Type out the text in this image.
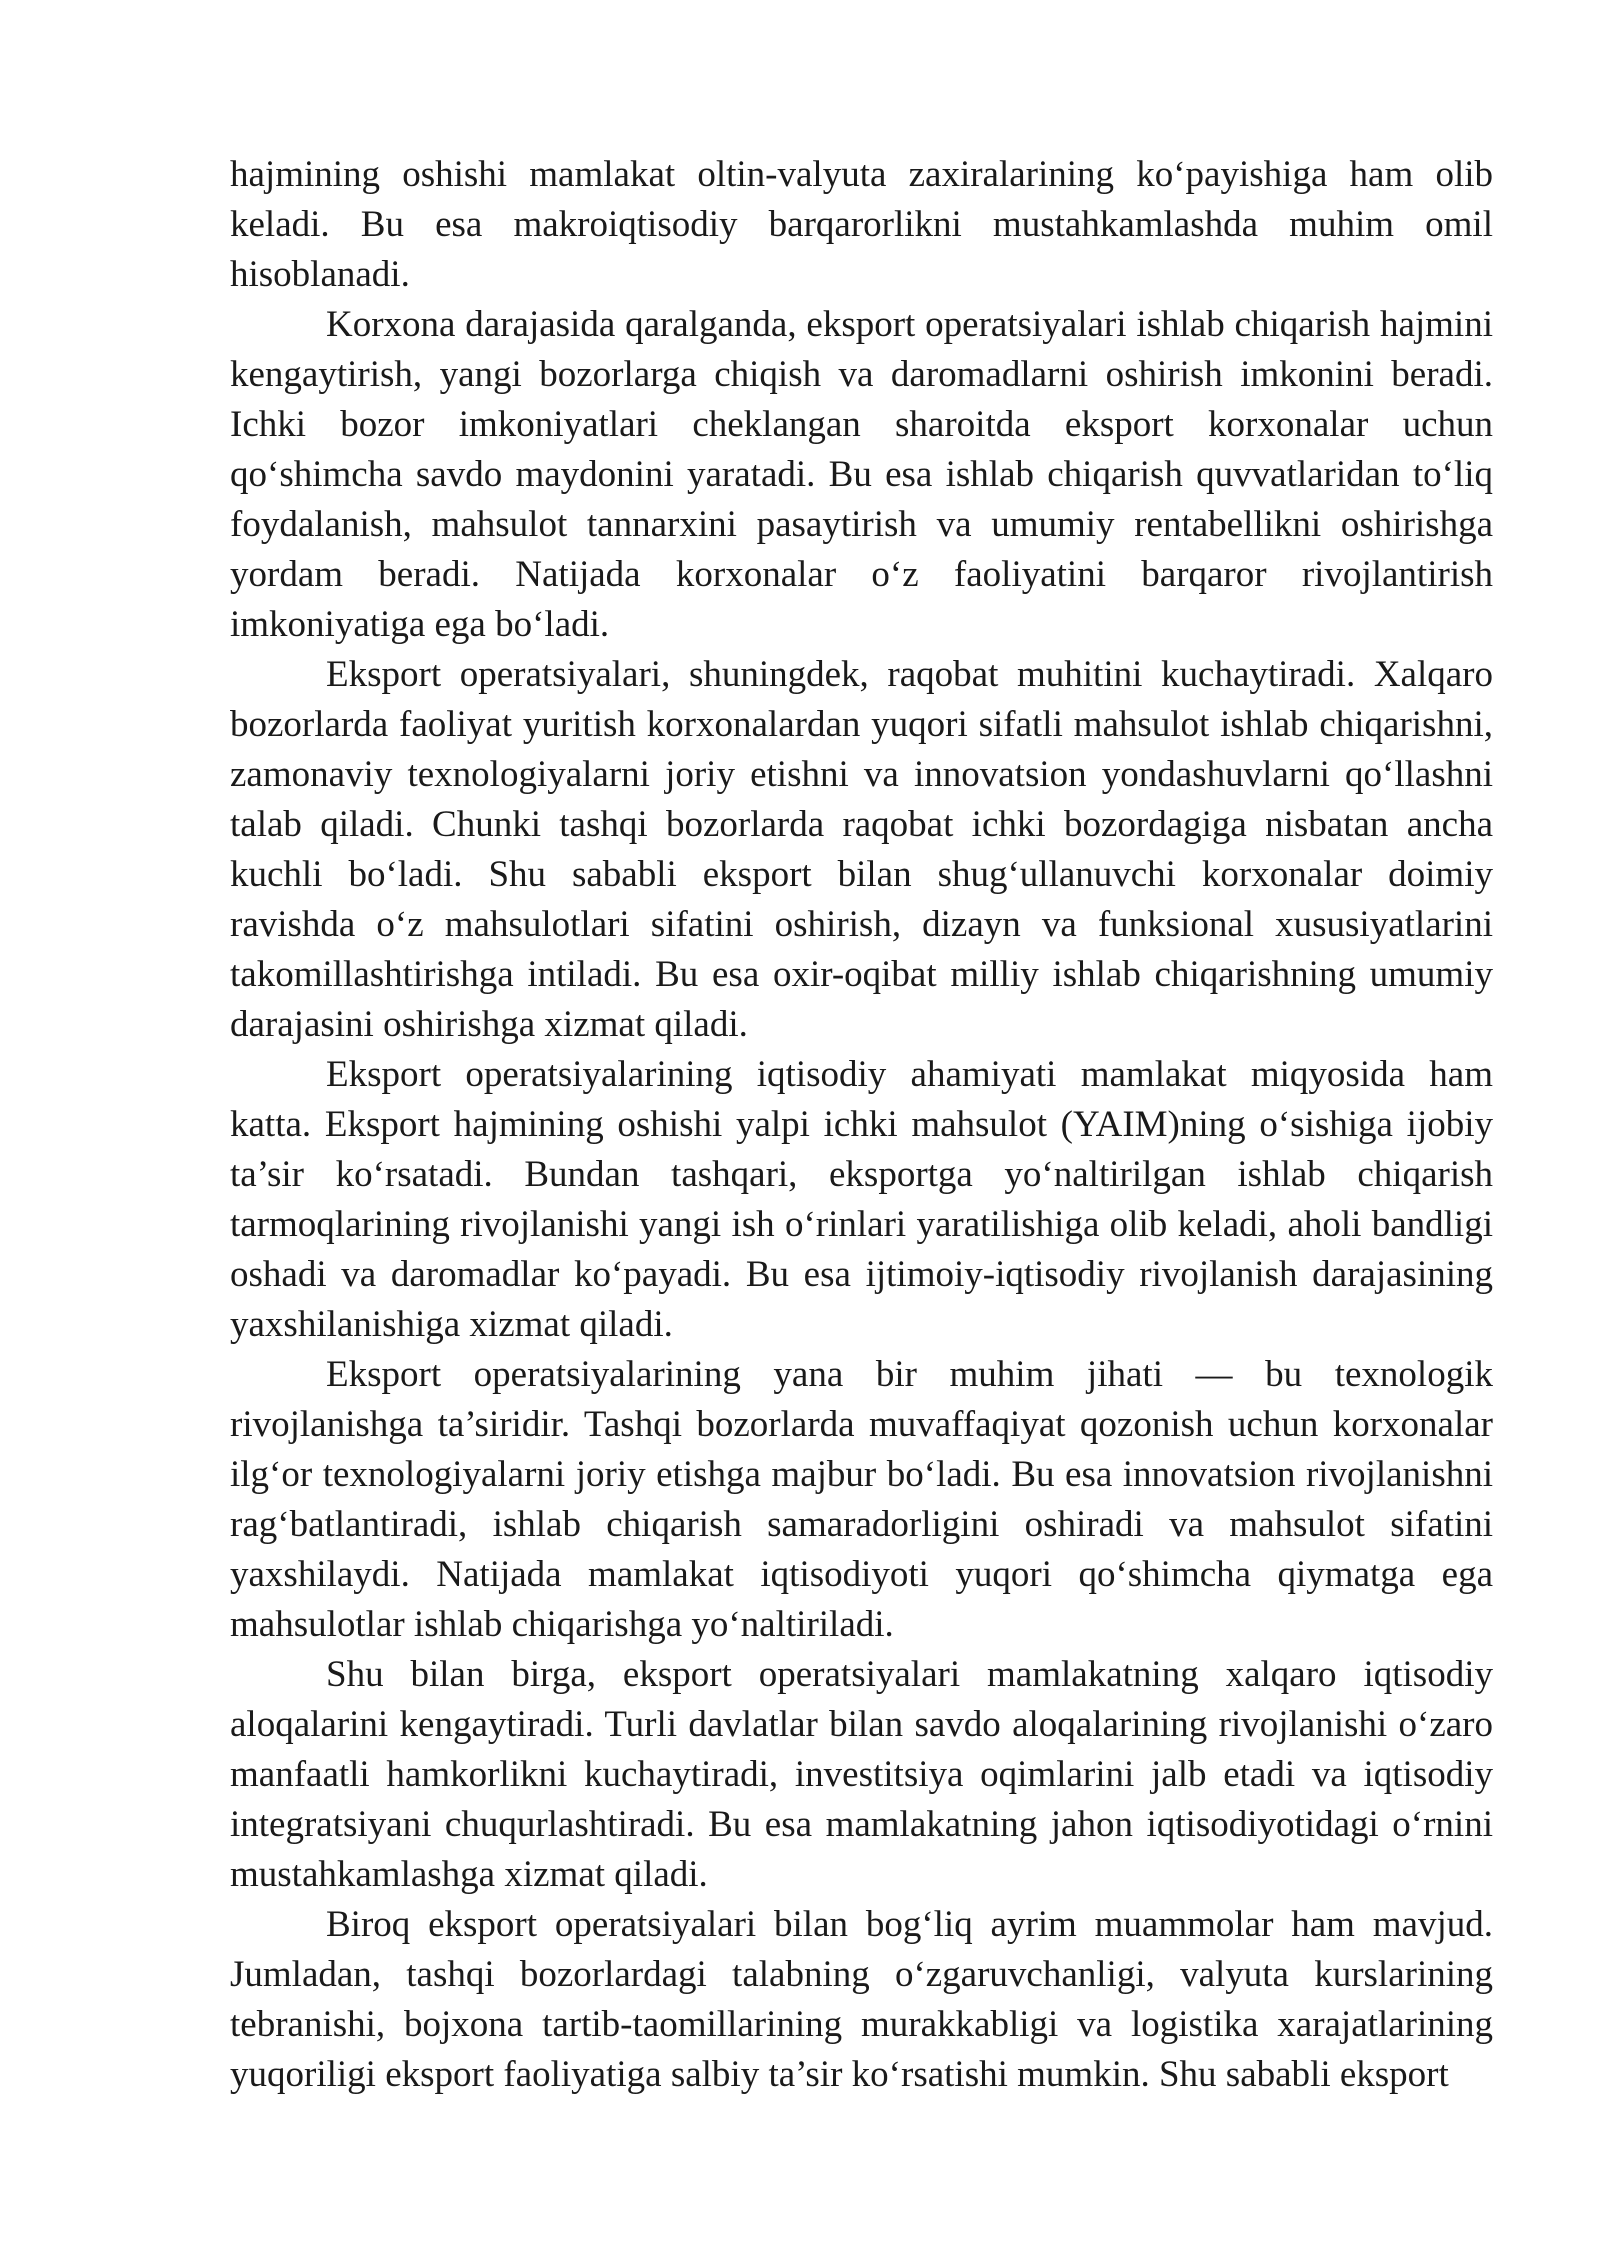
hajmining oshishi mamlakat oltin-valyuta zaxiralarining ko‘payishiga ham olib keladi. Bu esa makroiqtisodiy barqarorlikni mustahkamlashda muhim omil hisoblanadi.

Korxona darajasida qaralganda, eksport operatsiyalari ishlab chiqarish hajmini kengaytirish, yangi bozorlarga chiqish va daromadlarni oshirish imkonini beradi. Ichki bozor imkoniyatlari cheklangan sharoitda eksport korxonalar uchun qo‘shimcha savdo maydonini yaratadi. Bu esa ishlab chiqarish quvvatlaridan to‘liq foydalanish, mahsulot tannarxini pasaytirish va umumiy rentabellikni oshirishga yordam beradi. Natijada korxonalar o‘z faoliyatini barqaror rivojlantirish imkoniyatiga ega bo‘ladi.

Eksport operatsiyalari, shuningdek, raqobat muhitini kuchaytiradi. Xalqaro bozorlarda faoliyat yuritish korxonalardan yuqori sifatli mahsulot ishlab chiqarishni, zamonaviy texnologiyalarni joriy etishni va innovatsion yondashuvlarni qo‘llashni talab qiladi. Chunki tashqi bozorlarda raqobat ichki bozordagiga nisbatan ancha kuchli bo‘ladi. Shu sababli eksport bilan shug‘ullanuvchi korxonalar doimiy ravishda o‘z mahsulotlari sifatini oshirish, dizayn va funksional xususiyatlarini takomillashtirishga intiladi. Bu esa oxir-oqibat milliy ishlab chiqarishning umumiy darajasini oshirishga xizmat qiladi.

Eksport operatsiyalarining iqtisodiy ahamiyati mamlakat miqyosida ham katta. Eksport hajmining oshishi yalpi ichki mahsulot (YAIM)ning o‘sishiga ijobiy ta’sir ko‘rsatadi. Bundan tashqari, eksportga yo‘naltirilgan ishlab chiqarish tarmoqlarining rivojlanishi yangi ish o‘rinlari yaratilishiga olib keladi, aholi bandligi oshadi va daromadlar ko‘payadi. Bu esa ijtimoiy-iqtisodiy rivojlanish darajasining yaxshilanishiga xizmat qiladi.

Eksport operatsiyalarining yana bir muhim jihati — bu texnologik rivojlanishga ta’siridir. Tashqi bozorlarda muvaffaqiyat qozonish uchun korxonalar ilg‘or texnologiyalarni joriy etishga majbur bo‘ladi. Bu esa innovatsion rivojlanishni rag‘batlantiradi, ishlab chiqarish samaradorligini oshiradi va mahsulot sifatini yaxshilaydi. Natijada mamlakat iqtisodiyoti yuqori qo‘shimcha qiymatga ega mahsulotlar ishlab chiqarishga yo‘naltiriladi.

Shu bilan birga, eksport operatsiyalari mamlakatning xalqaro iqtisodiy aloqalarini kengaytiradi. Turli davlatlar bilan savdo aloqalarining rivojlanishi o‘zaro manfaatli hamkorlikni kuchaytiradi, investitsiya oqimlarini jalb etadi va iqtisodiy integratsiyani chuqurlashtiradi. Bu esa mamlakatning jahon iqtisodiyotidagi o‘rnini mustahkamlashga xizmat qiladi.

Biroq eksport operatsiyalari bilan bog‘liq ayrim muammolar ham mavjud. Jumladan, tashqi bozorlardagi talabning o‘zgaruvchanligi, valyuta kurslarining tebranishi, bojxona tartib-taomillarining murakkabligi va logistika xarajatlarining yuqoriligi eksport faoliyatiga salbiy ta’sir ko‘rsatishi mumkin. Shu sababli eksport
